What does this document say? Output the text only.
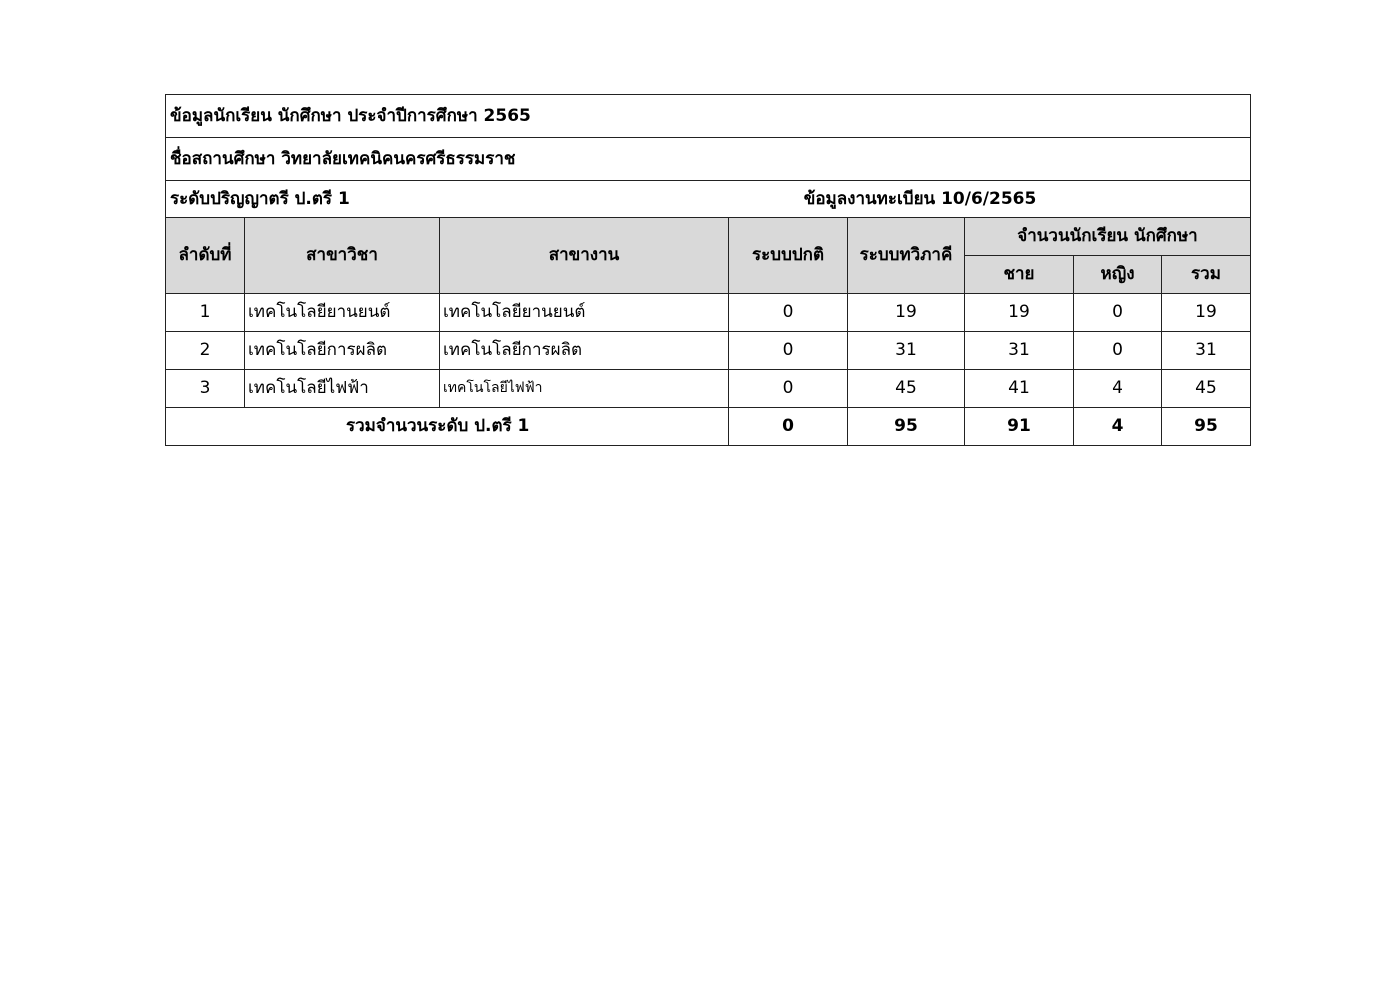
ข้อมูลนักเรียน นักศึกษา ประจำปีการศึกษา 2565							
ชื่อสถานศึกษา วิทยาลัยเทคนิคนครศรีธรรมราช							
ระดับปริญญาตรี ป.ตรี 1 ข้อมูลงานทะเบียน 10/6/2565							
ลำดับที่	สาขาวิชา	สาขางาน	ระบบปกติ	ระบบทวิภาคี	จำนวนนักเรียน นักศึกษา		
					ชาย	หญิง	รวม
1	เทคโนโลยียานยนต์	เทคโนโลยียานยนต์	0	19	19	0	19
2	เทคโนโลยีการผลิต	เทคโนโลยีการผลิต	0	31	31	0	31
3	เทคโนโลยีไฟฟ้า	เทคโนโลยีไฟฟ้า	0	45	41	4	45
รวมจำนวนระดับ ป.ตรี 1			0	95	91	4	95
